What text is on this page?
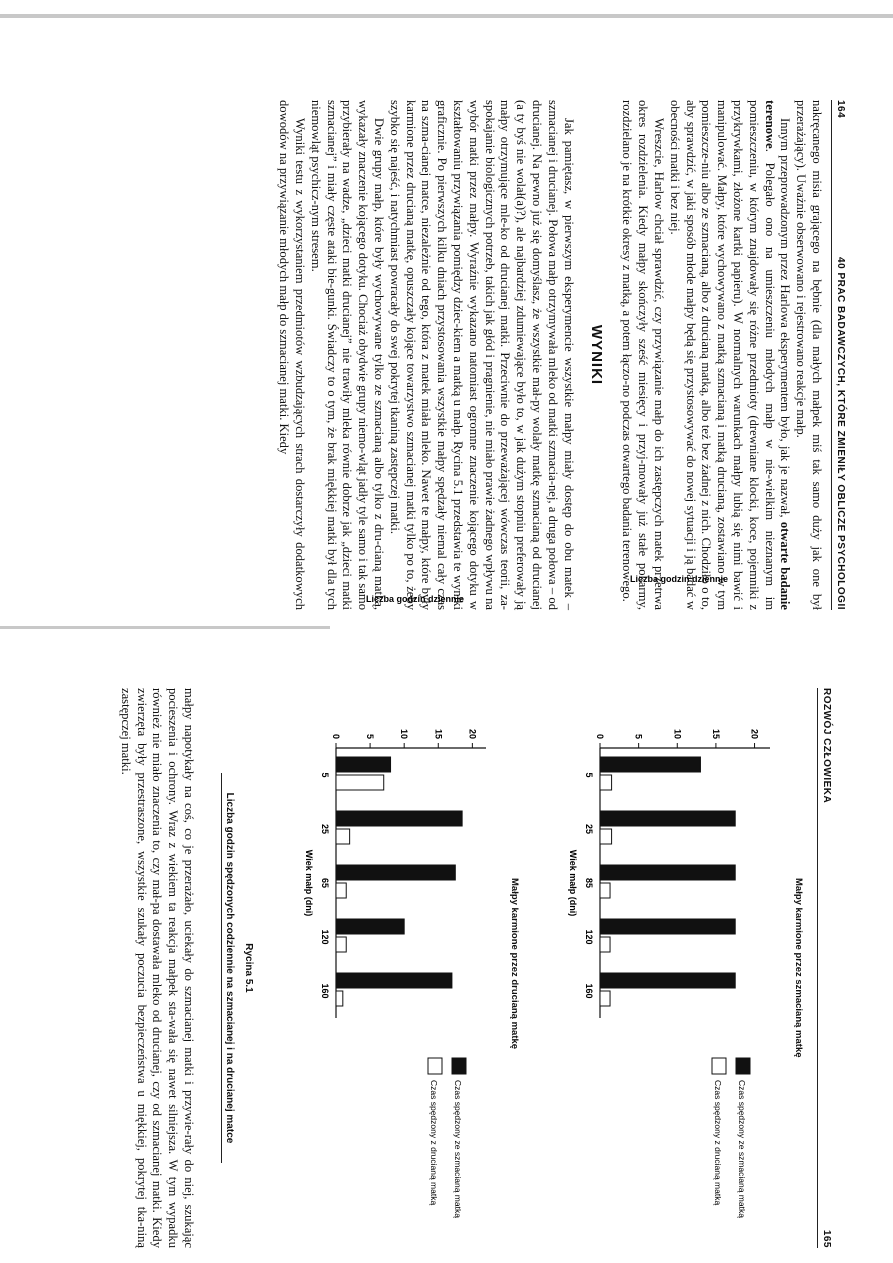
164
40 PRAC BADAWCZYCH, KTÓRE ZMIENIŁY OBLICZE PSYCHOLOGII

nakręcanego misia grającego na bębnie (dla małych małpek miś tak samo duży jak one był przerażający). Uważnie obserwowano i rejestrowano reakcje małp.

Innym przeprowadzonym przez Harlowa eksperymentem było, jak je nazwał, otwarte badanie terenowe. Polegało ono na umieszczeniu młodych małp w nie-wielkim nieznanym im pomieszczeniu, w którym znajdowały się różne przedmioty (drewniane klocki, koce, pojemniki z przykrywkami, złożone kartki papieru). W normalnych warunkach małpy lubią się nimi bawić i manipulować. Małpy, które wychowywano z matką szmacianą i matką drucianą, zostawiano w tym pomieszcze-niu albo ze szmacianą, albo z drucianą matką, albo też bez żadnej z nich. Chodziło o to, aby sprawdzić, w jaki sposób młode małpy będą się przystosowywać do nowej sytuacji i ją badać w obecności matki i bez niej.

Wreszcie, Harlow chciał sprawdzić, czy przywiązanie małp do ich zastępczych matek przetrwa okres rozdzielenia. Kiedy małpy skończyły sześć miesięcy i przyj-mowały już stałe pokarmy, rozdzielano je na krótkie okresy z matką, a potem łączo-no podczas otwartego badania terenowego.

WYNIKI

Jak pamiętasz, w pierwszym eksperymencie wszystkie małpy miały dostęp do obu matek – szmacianej i drucianej. Połowa małp otrzymywała mleko od matki szmacia-nej, a druga połowa – od drucianej. Na pewno już się domyślasz, że wszystkie mał-py wolały matkę szmacianą od drucianej (a ty byś nie wolał(a)?), ale najbardziej zdumiewające było to, w jak dużym stopniu preferowały ją małpy otrzymujące mle-ko od drucianej matki. Przeciwnie do przeważającej wówczas teorii, za-spokajanie biologicznych potrzeb, takich jak głód i pragnienie, nie miało prawie żadnego wpływu na wybór matki przez małpy. Wyraźnie wykazano natomiast ogromne znaczenie kojącego dotyku w kształtowaniu przywiązania pomiędzy dziec-kiem a matką u małp. Rycina 5.1 przedstawia te wyniki graficznie. Po pierwszych kilku dniach przystosowania wszystkie małpy spędzały niemal cały czas na szma-cianej matce, niezależnie od tego, która z matek miała mleko. Nawet te małpy, które były karmione przez drucianą matkę, opuszczały kojące towarzystwo szmacianej matki tylko po to, żeby szybko się najeść, i natychmiast powracały do swej pokrytej tkaniną zastępczej matki.

Dwie grupy małp, które były wychowywane tylko ze szmacianą albo tylko z dru-cianą matką, wykazały znaczenie kojącego dotyku. Chociaż obydwie grupy niemo-wląt jadły tyle samo i tak samo przybierały na wadze, „dzieci matki drucianej” nie trawiły mleka równie dobrze jak „dzieci matki szmacianej” i miały częste ataki bie-gunki. Świadczy to o tym, że brak miękkiej matki był dla tych niemowląt psychicz-nym stresem.

Wyniki testu z wykorzystaniem przedmiotów wzbudzających strach dostarczyły dodatkowych dowodów na przywiązanie młodych małp do szmacianej matki. Kiedy

ROZWÓJ CZŁOWIEKA
165
Małpy karmione przez szmacianą matkę
Liczba godzin dziennie
0	5	10	15	20
5
25
85
120
160
Wiek małp (dni)
Czas spędzony ze szmacianą matką
Czas spędzony z drucianą matką
Małpy karmione przez drucianą matkę
Liczba godzin dziennie
0	5	10	15	20
5
25
65
120
160
Wiek małp (dni)
Czas spędzony ze szmacianą matką
Czas spędzony z drucianą matką
Rycina 5.1
Liczba godzin spędzonych codziennie na szmacianej i na drucianej matce

małpy napotykały na coś, co je przerażało, uciekały do szmacianej matki i przywie-rały do niej, szukając pocieszenia i ochrony. Wraz z wiekiem ta reakcja małpek sta-wała się nawet silniejsza. W tym wypadku również nie miało znaczenia to, czy mał-pa dostawała mleko od drucianej, czy od szmacianej matki. Kiedy zwierzęta były przestraszone, wszystkie szukały poczucia bezpieczeństwa u miękkiej, pokrytej tka-niną zastępczej matki.
